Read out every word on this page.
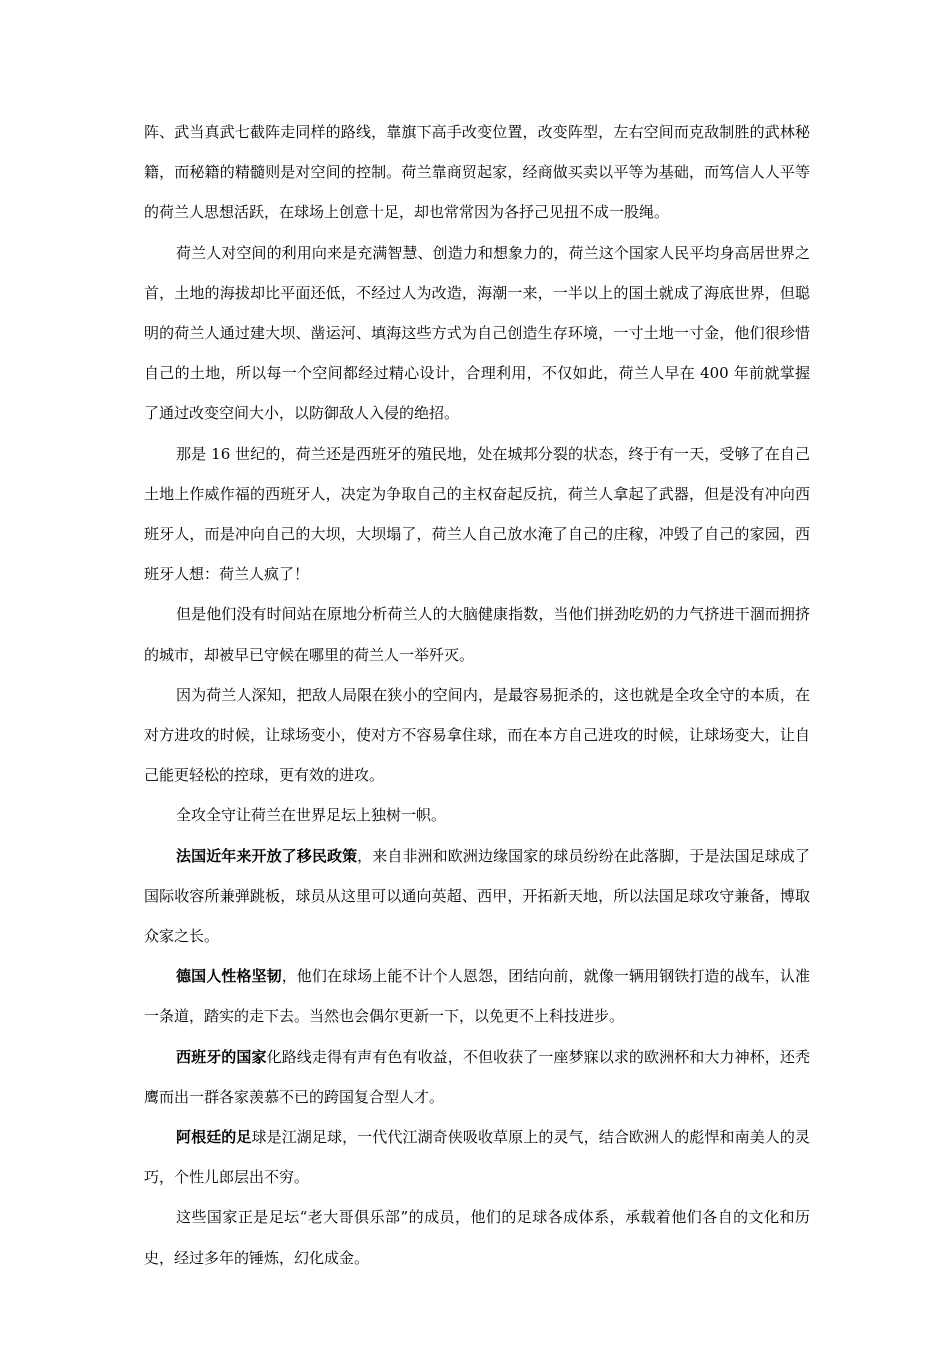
阵、武当真武七截阵走同样的路线，靠旗下高手改变位置，改变阵型，左右空间而克敌制胜的武林秘籍，而秘籍的精髓则是对空间的控制。荷兰靠商贸起家，经商做买卖以平等为基础，而笃信人人平等的荷兰人思想活跃，在球场上创意十足，却也常常因为各抒己见扭不成一股绳。

荷兰人对空间的利用向来是充满智慧、创造力和想象力的，荷兰这个国家人民平均身高居世界之首，土地的海拔却比平面还低，不经过人为改造，海潮一来，一半以上的国土就成了海底世界，但聪明的荷兰人通过建大坝、凿运河、填海这些方式为自己创造生存环境，一寸土地一寸金，他们很珍惜自己的土地，所以每一个空间都经过精心设计，合理利用，不仅如此，荷兰人早在 400 年前就掌握了通过改变空间大小，以防御敌人入侵的绝招。

那是 16 世纪的，荷兰还是西班牙的殖民地，处在城邦分裂的状态，终于有一天，受够了在自己土地上作威作福的西班牙人，决定为争取自己的主权奋起反抗，荷兰人拿起了武器，但是没有冲向西班牙人，而是冲向自己的大坝，大坝塌了，荷兰人自己放水淹了自己的庄稼，冲毁了自己的家园，西班牙人想：荷兰人疯了！

但是他们没有时间站在原地分析荷兰人的大脑健康指数，当他们拼劲吃奶的力气挤进干涸而拥挤的城市，却被早已守候在哪里的荷兰人一举歼灭。

因为荷兰人深知，把敌人局限在狭小的空间内，是最容易扼杀的，这也就是全攻全守的本质，在对方进攻的时候，让球场变小，使对方不容易拿住球，而在本方自己进攻的时候，让球场变大，让自己能更轻松的控球，更有效的进攻。

全攻全守让荷兰在世界足坛上独树一帜。

法国近年来开放了移民政策，来自非洲和欧洲边缘国家的球员纷纷在此落脚，于是法国足球成了国际收容所兼弹跳板，球员从这里可以通向英超、西甲，开拓新天地，所以法国足球攻守兼备，博取众家之长。

德国人性格坚韧，他们在球场上能不计个人恩怨，团结向前，就像一辆用钢铁打造的战车，认准一条道，踏实的走下去。当然也会偶尔更新一下，以免更不上科技进步。

西班牙的国家化路线走得有声有色有收益，不但收获了一座梦寐以求的欧洲杯和大力神杯，还秃鹰而出一群各家羡慕不已的跨国复合型人才。

阿根廷的足球是江湖足球，一代代江湖奇侠吸收草原上的灵气，结合欧洲人的彪悍和南美人的灵巧，个性儿郎层出不穷。

这些国家正是足坛“老大哥俱乐部”的成员，他们的足球各成体系，承载着他们各自的文化和历史，经过多年的锤炼，幻化成金。
